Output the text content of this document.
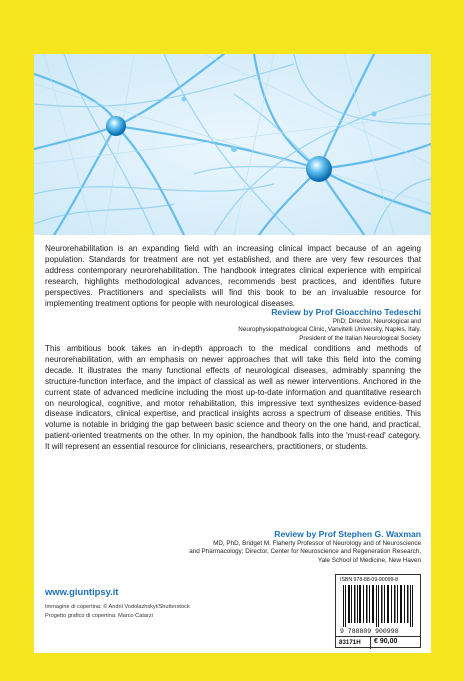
Neurorehabilitation is an expanding field with an increasing clinical impact because of an ageing population. Standards for treatment are not yet established, and there are very few resources that address contemporary neurorehabilitation. The handbook integrates clinical experience with empirical research, highlights methodological advances, recommends best practices, and identifies future perspectives. Practitioners and specialists will find this book to be an invaluable resource for implementing treatment options for people with neurological diseases.

Review by Prof Gioacchino Tedeschi
PhD; Director, Neurological and
Neurophysiopathological Clinic, Vanvitelli University, Naples, Italy.
President of the Italian Neurological Society

This ambitious book takes an in-depth approach to the medical conditions and methods of neurorehabilitation, with an emphasis on newer approaches that will take this field into the coming decade. It illustrates the many functional effects of neurological diseases, admirably spanning the structure-function interface, and the impact of classical as well as newer interventions. Anchored in the current state of advanced medicine including the most up-to-date information and quantitative research on neurological, cognitive, and motor rehabilitation, this impressive text synthesizes evidence-based disease indicators, clinical expertise, and practical insights across a spectrum of disease entities. This volume is notable in bridging the gap between basic science and theory on the one hand, and practical, patient-oriented treatments on the other. In my opinion, the handbook falls into the 'must-read' category. It will represent an essential resource for clinicians, researchers, practitioners, or students.

Review by Prof Stephen G. Waxman
MD, PhD, Bridget M. Flaherty Professor of Neurology and of Neuroscience
and Pharmacology; Director, Center for Neuroscience and Regeneration Research,
Yale School of Medicine, New Haven
www.giuntipsy.it
Immagine di copertina: © Andrii Vodolazhskyi/Shutterstock
Progetto grafico di copertina: Marco Catarzi
ISBN 978-88-09-90099-8
9 788809 900998
83171H € 90,00
